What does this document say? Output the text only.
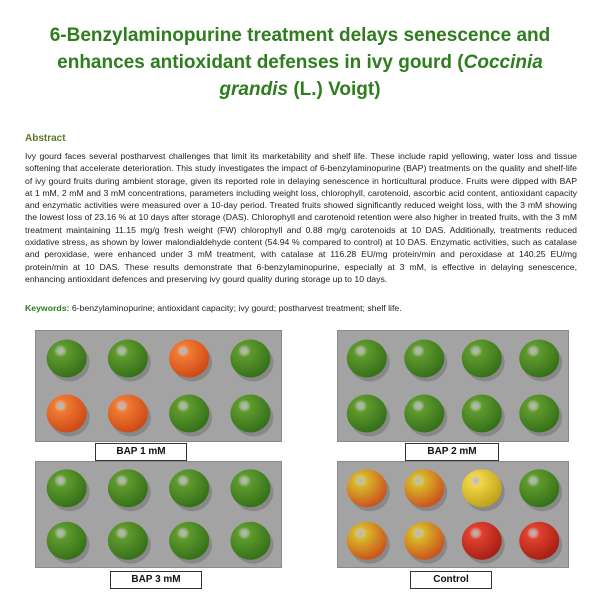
6-Benzylaminopurine treatment delays senescence and enhances antioxidant defenses in ivy gourd (Coccinia grandis (L.) Voigt)
Abstract
Ivy gourd faces several postharvest challenges that limit its marketability and shelf life. These include rapid yellowing, water loss and tissue softening that accelerate deterioration. This study investigates the impact of 6-benzylaminopurine (BAP) treatments on the quality and shelf-life of ivy gourd fruits during ambient storage, given its reported role in delaying senescence in horticultural produce. Fruits were dipped with BAP at 1 mM, 2 mM and 3 mM concentrations, parameters including weight loss, chlorophyll, carotenoid, ascorbic acid content, antioxidant capacity and enzymatic activities were measured over a 10-day period. Treated fruits showed significantly reduced weight loss, with the 3 mM showing the lowest loss of 23.16 % at 10 days after storage (DAS). Chlorophyll and carotenoid retention were also higher in treated fruits, with the 3 mM treatment maintaining 11.15 mg/g fresh weight (FW) chlorophyll and 0.88 mg/g carotenoids at 10 DAS. Additionally, treatments reduced oxidative stress, as shown by lower malondialdehyde content (54.94 % compared to control) at 10 DAS. Enzymatic activities, such as catalase and peroxidase, were enhanced under 3 mM treatment, with catalase at 116.28 EU/mg protein/min and peroxidase at 140.25 EU/mg protein/min at 10 DAS. These results demonstrate that 6-benzylaminopurine, especially at 3 mM, is effective in delaying senescence, enhancing antioxidant defences and preserving ivy gourd quality during storage up to 10 days.
Keywords: 6-benzylaminopurine; antioxidant capacity; ivy gourd; postharvest treatment; shelf life.
BAP 1 mM	BAP 2 mM
BAP 3 mM	Control
